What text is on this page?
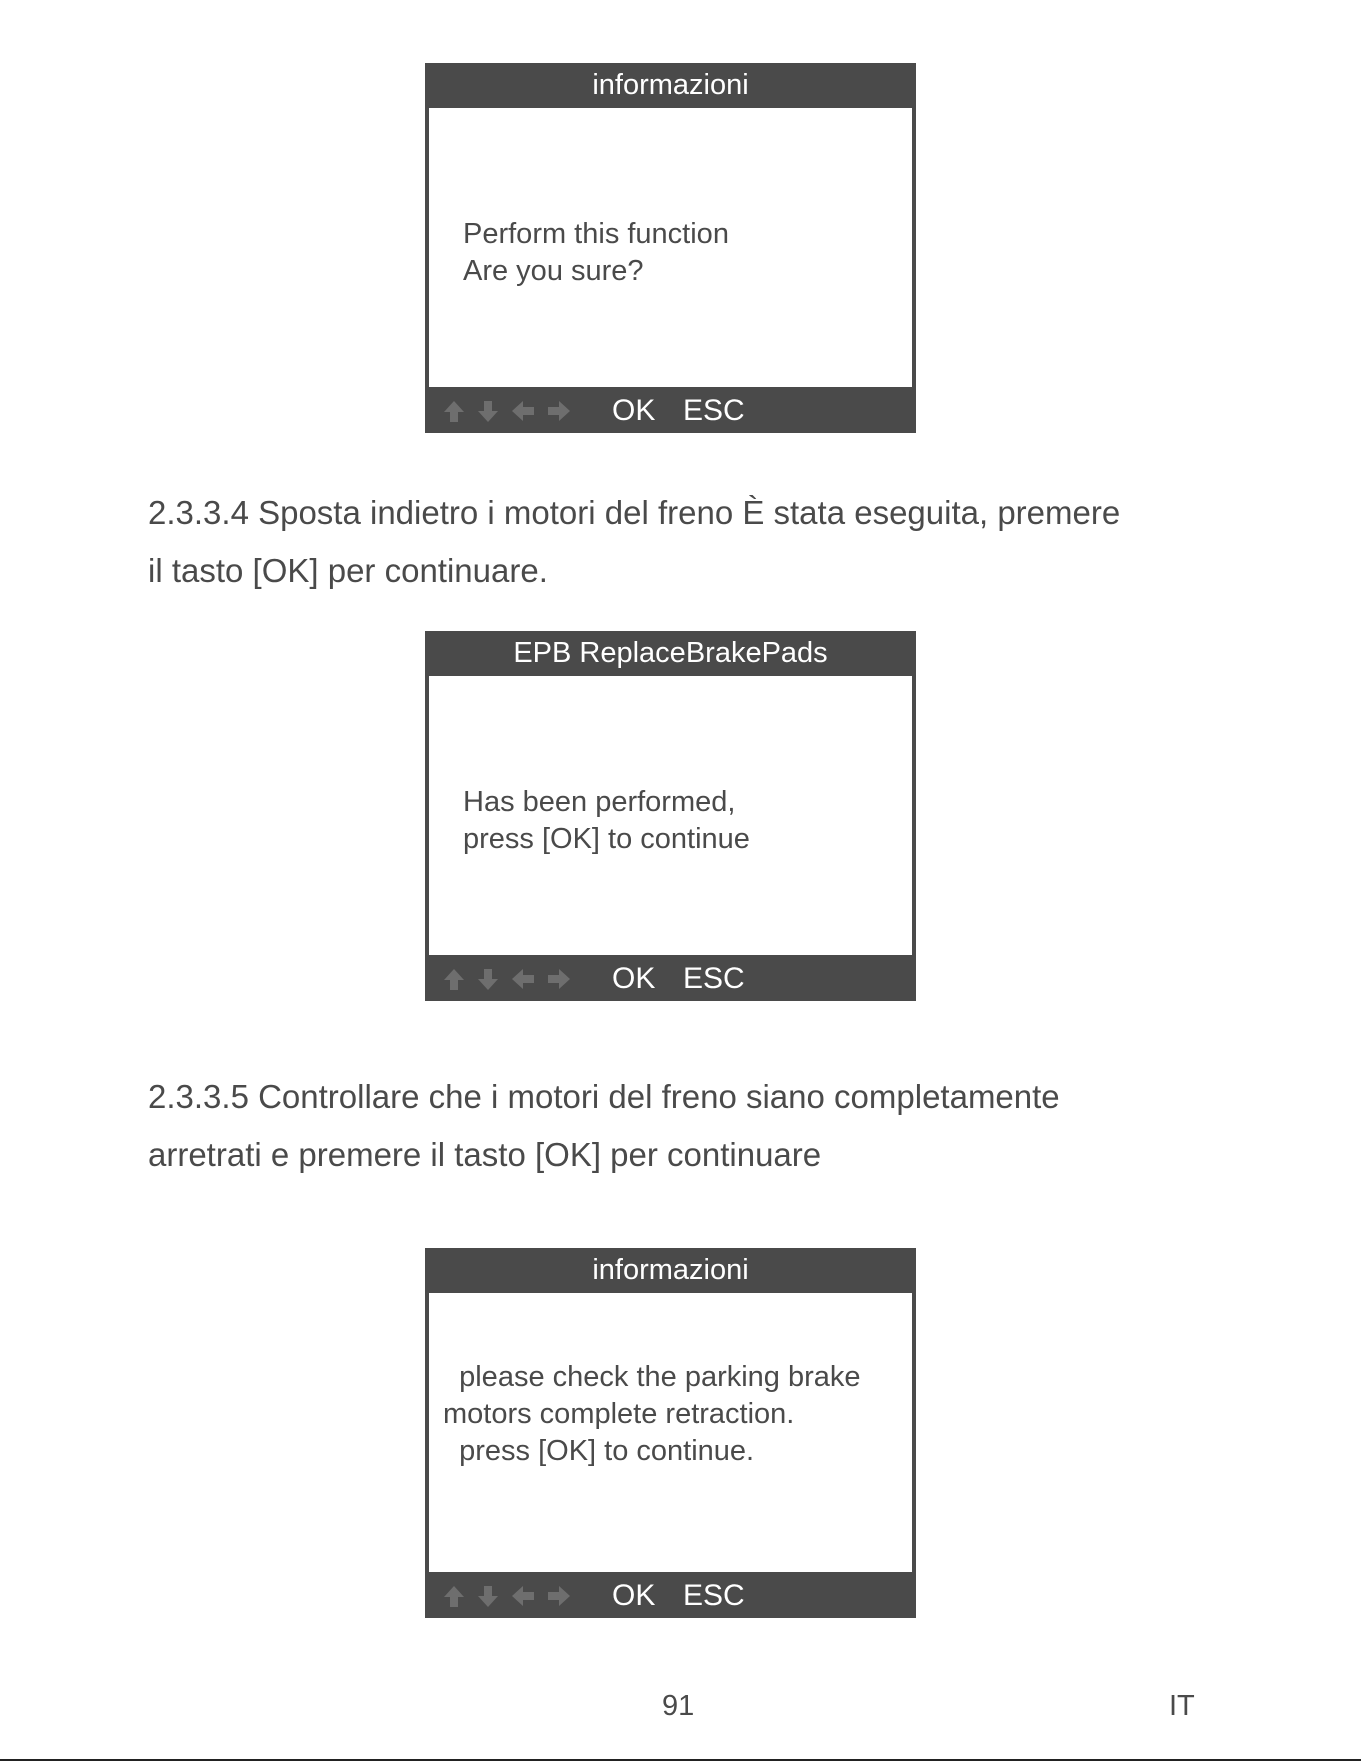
informazioni
Perform this function
Are you sure?
OK ESC
2.3.3.4 Sposta indietro i motori del freno È stata eseguita, premere
il tasto [OK] per continuare.
EPB ReplaceBrakePads
Has been performed,
press [OK] to continue
OK ESC
2.3.3.5 Controllare che i motori del freno siano completamente
arretrati e premere il tasto [OK] per continuare
informazioni
please check the parking brake
motors complete retraction.
press [OK] to continue.
OK ESC
91	IT
